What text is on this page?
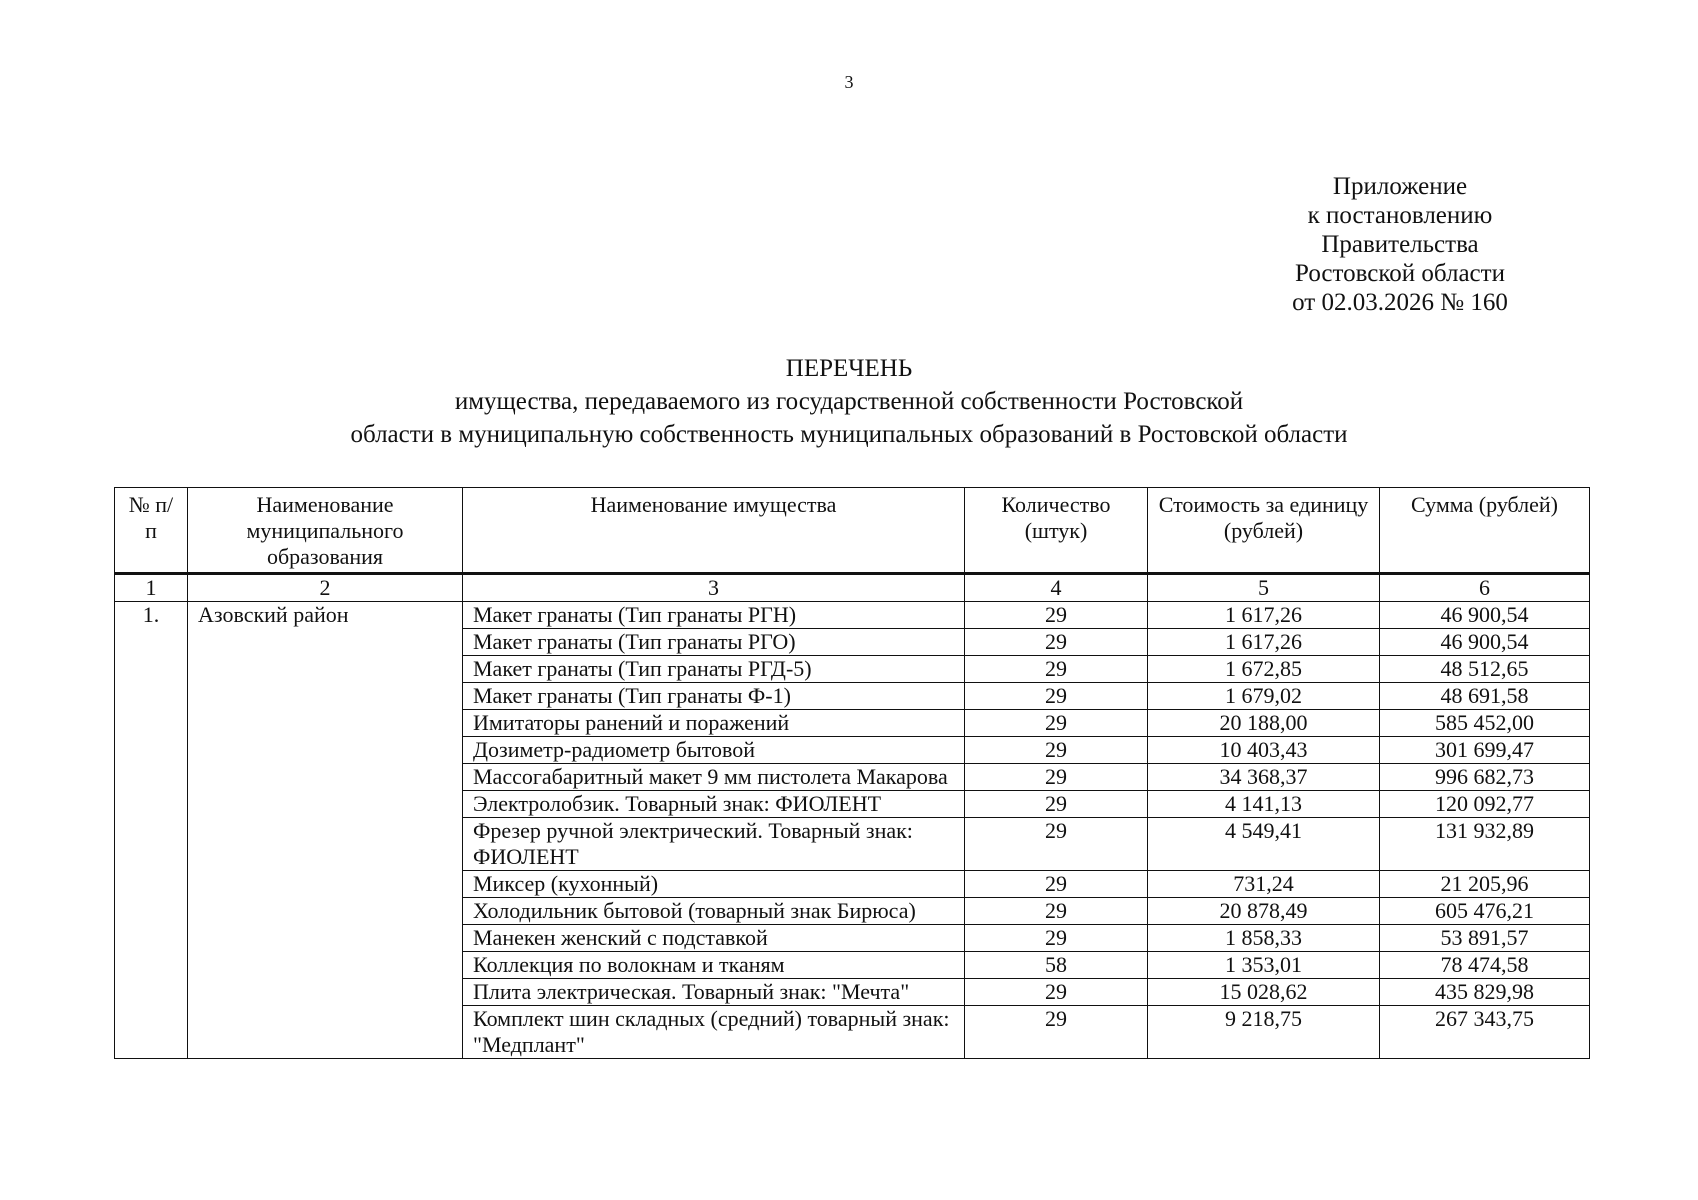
3
Приложение
к постановлению
Правительства
Ростовской области
от 02.03.2026 № 160
ПЕРЕЧЕНЬ
имущества, передаваемого из государственной собственности Ростовской
области в муниципальную собственность муниципальных образований в Ростовской области
№ п/п	Наименование муниципального образования	Наименование имущества	Количество (штук)	Стоимость за единицу (рублей)	Сумма (рублей)
1	2	3	4	5	6
1.	Азовский район	Макет гранаты (Тип гранаты РГН)	29	1 617,26	46 900,54
		Макет гранаты (Тип гранаты РГО)	29	1 617,26	46 900,54
		Макет гранаты (Тип гранаты РГД-5)	29	1 672,85	48 512,65
		Макет гранаты (Тип гранаты Ф-1)	29	1 679,02	48 691,58
		Имитаторы ранений и поражений	29	20 188,00	585 452,00
		Дозиметр-радиометр бытовой	29	10 403,43	301 699,47
		Массогабаритный макет 9 мм пистолета Макарова	29	34 368,37	996 682,73
		Электролобзик. Товарный знак: ФИОЛЕНТ	29	4 141,13	120 092,77
		Фрезер ручной электрический. Товарный знак: ФИОЛЕНТ	29	4 549,41	131 932,89
		Миксер (кухонный)	29	731,24	21 205,96
		Холодильник бытовой (товарный знак Бирюса)	29	20 878,49	605 476,21
		Манекен женский с подставкой	29	1 858,33	53 891,57
		Коллекция по волокнам и тканям	58	1 353,01	78 474,58
		Плита электрическая. Товарный знак: "Мечта"	29	15 028,62	435 829,98
		Комплект шин складных (средний) товарный знак: "Медплант"	29	9 218,75	267 343,75
